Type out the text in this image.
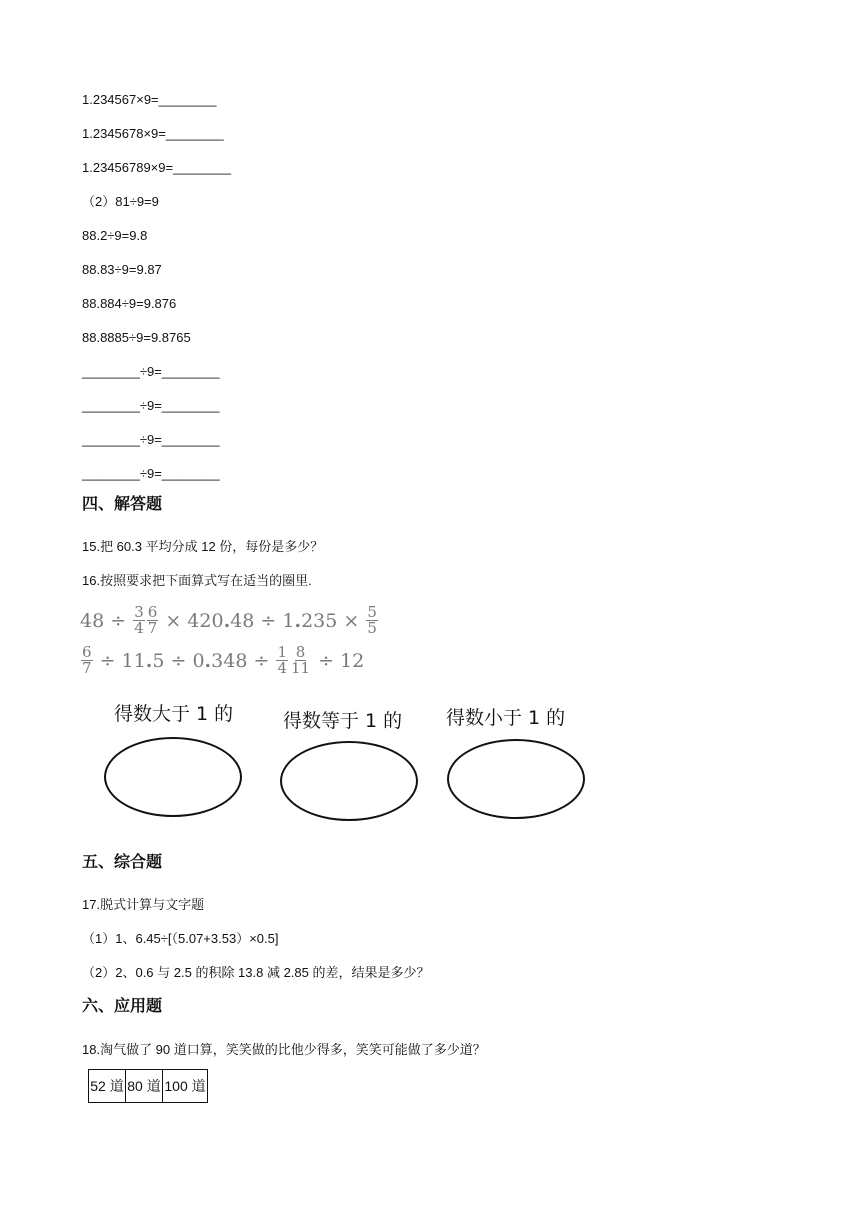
1.234567×9=________
1.2345678×9=________
1.23456789×9=________
（2）81÷9=9
88.2÷9=9.8
88.83÷9=9.87
88.884÷9=9.876
88.8885÷9=9.8765
________÷9=________
________÷9=________
________÷9=________
________÷9=________
四、解答题
15.把 60.3 平均分成 12 份，每份是多少？
16.按照要求把下面算式写在适当的圈里.
48 ÷
$\frac{3}{4} \frac{6}{7}$
× 42 0 . 48 ÷ 1 . 235 ×
$\frac{5}{5}$
$\frac{6}{7}$
÷ 11 . 5 ÷ 0 . 348 ÷
$\frac{1}{4} \frac{8}{11}$
÷ 12
得数大于 1 的	得数等于 1 的 得数小于 1 的
五、综合题
17.脱式计算与文字题
（1）1、6.45÷[（5.07+3.53）×0.5]
（2）2、0.6 与 2.5 的积除 13.8 减 2.85 的差，结果是多少？
六、应用题
18.淘气做了 90 道口算，笑笑做的比他少得多，笑笑可能做了多少道？
52 道	80 道	100 道
